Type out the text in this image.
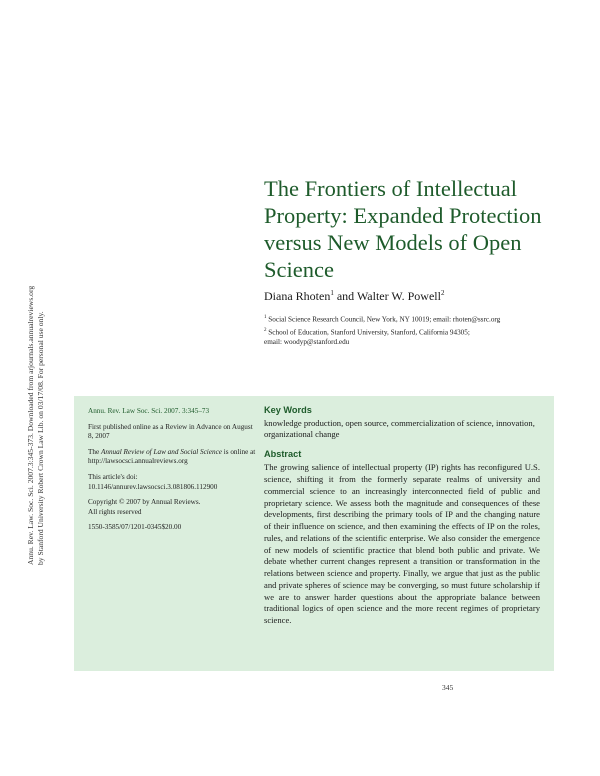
Annu. Rev. Law. Soc. Sci. 2007.3:345-373. Downloaded from arjournals.annualreviews.org by Stanford University Robert Crown Law Lib. on 03/17/08. For personal use only.
The Frontiers of Intellectual Property: Expanded Protection versus New Models of Open Science
Diana Rhoten$^1$ and Walter W. Powell$^2$
$^1$ Social Science Research Council, New York, NY 10019; email: rhoten@ssrc.org
$^2$ School of Education, Stanford University, Stanford, California 94305;
email: woodyp@stanford.edu

Annu. Rev. Law Soc. Sci. 2007. 3:345–73

First published online as a Review in Advance on August 8, 2007

The Annual Review of Law and Social Science is online at http://lawsocsci.annualreviews.org

This article's doi:
10.1146/annurev.lawsocsci.3.081806.112900

Copyright © 2007 by Annual Reviews.
All rights reserved

1550-3585/07/1201-0345$20.00

Key Words

knowledge production, open source, commercialization of science, innovation, organizational change

Abstract

The growing salience of intellectual property (IP) rights has reconfigured U.S. science, shifting it from the formerly separate realms of university and commercial science to an increasingly interconnected field of public and proprietary science. We assess both the magnitude and consequences of these developments, first describing the primary tools of IP and the changing nature of their influence on science, and then examining the effects of IP on the roles, rules, and relations of the scientific enterprise. We also consider the emergence of new models of scientific practice that blend both public and private. We debate whether current changes represent a transition or transformation in the relations between science and property. Finally, we argue that just as the public and private spheres of science may be converging, so must future scholarship if we are to answer harder questions about the appropriate balance between traditional logics of open science and the more recent regimes of proprietary science.

345
